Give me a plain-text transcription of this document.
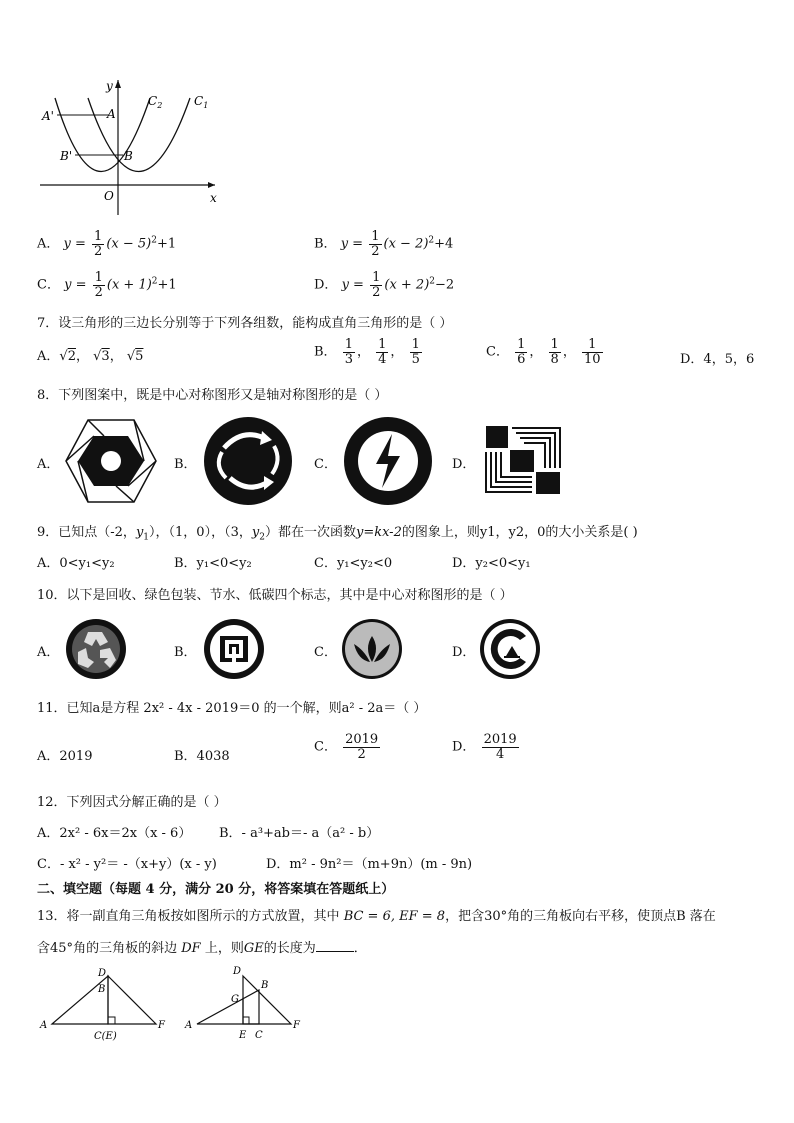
y
x
O
A
A'
B
B'
$C_2$	$C_1$
A． $y = \frac{1}{2} (x - 5)^2+1$	B． $y = \frac{1}{2} (x - 2)^2+4$
C． $y = \frac{1}{2} (x + 1)^2+1$	D． $y = \frac{1}{2} (x + 2)^2-2$
7．设三角形的三边长分别等于下列各组数，能构成直角三角形的是（ ）
A．√2， √3， √5	B． $\frac{1}{3}$ ， $\frac{1}{4}$ ， $\frac{1}{5}$	C． $\frac{1}{6}$ ， $\frac{1}{8}$ ， $\frac{1}{10}$	D．4，5，6
8．下列图案中，既是中心对称图形又是轴对称图形的是（ ）
A．	B．	C．	D．
9．已知点（-2，$y_1$），（1，0），（3，$y_2$）都在一次函数y=kx-2的图象上，则y1，y2，0的大小关系是( )
A．0<y₁<y₂	B．y₁<0<y₂	C．y₁<y₂<0	D．y₂<0<y₁
10．以下是回收、绿色包装、节水、低碳四个标志，其中是中心对称图形的是（ ）
A．	B．	C．	D．
11．已知a是方程 2x² - 4x - 2019＝0 的一个解，则a² - 2a＝（ ）
A．2019	B．4038
C． $\frac{2019}{2}$	D． $\frac{2019}{4}$
12．下列因式分解正确的是（ ）
A．2x² - 6x＝2x（x - 6） B．- a³+ab＝- a（a² - b）
C．- x² - y²＝ -（x+y）(x - y)	D．m² - 9n²＝（m+9n）(m - 9n)
二、填空题（每题 4 分，满分 20 分，将答案填在答题纸上）
13．将一副直角三角板按如图所示的方式放置，其中 BC = 6, EF = 8，把含30°角的三角板向右平移，使顶点B 落在
含45°角的三角板的斜边 DF 上，则GE的长度为	．
D
B
A
C(E)
F
D
B
G
A
E C
F
